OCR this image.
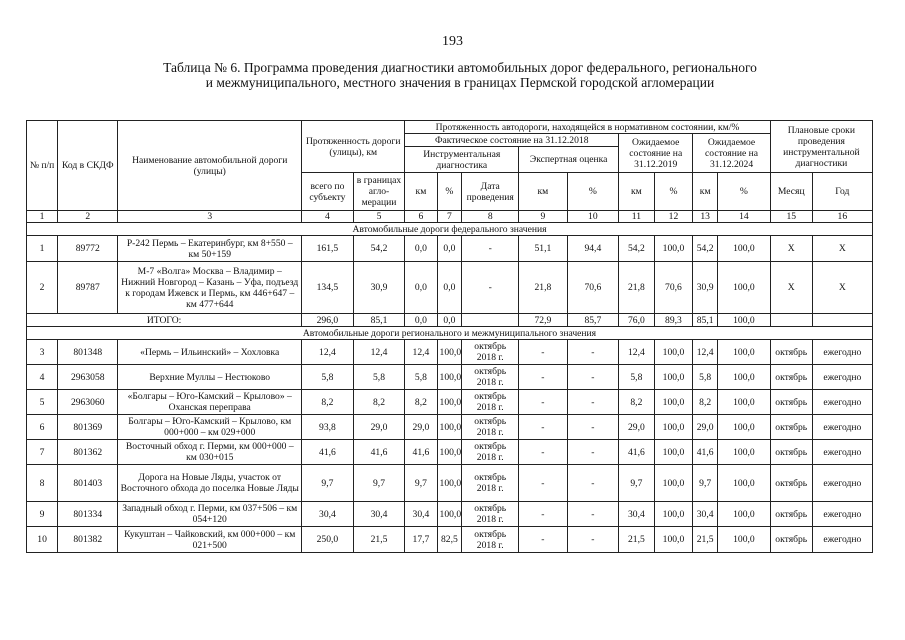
193
Таблица № 6. Программа проведения диагностики автомобильных дорог федерального, регионального
и межмуниципального, местного значения в границах Пермской городской агломерации
№ п/п	Код в СКДФ	Наименование автомобильной дороги (улицы)	Протяженность дороги (улицы), км		Протяженность автодороги, находящейся в нормативном состоянии, км/%									Плановые сроки проведения инструментальной диагностики	
					Фактическое состояние на 31.12.2018					Ожидаемое состояние на 31.12.2019		Ожидаемое состояние на 31.12.2024			
					Инструментальная диагностика			Экспертная оценка							
			всего по субъекту	в границах агло-мерации	км	%	Дата проведения	км	%	км	%	км	%	Месяц	Год
1	2	3	4	5	6	7	8	9	10	11	12	13	14	15	16
Автомобильные дороги федерального значения															
1	89772	Р-242 Пермь – Екатеринбург, км 8+550 – км 50+159	161,5	54,2	0,0	0,0	-	51,1	94,4	54,2	100,0	54,2	100,0	Х	Х
2	89787	М-7 «Волга» Москва – Владимир – Нижний Новгород – Казань – Уфа, подъезд к городам Ижевск и Пермь, км 446+647 – км 477+644	134,5	30,9	0,0	0,0	-	21,8	70,6	21,8	70,6	30,9	100,0	Х	Х
ИТОГО:			296,0	85,1	0,0	0,0		72,9	85,7	76,0	89,3	85,1	100,0		
Автомобильные дороги регионального и межмуниципального значения															
3	801348	«Пермь – Ильинский» – Хохловка	12,4	12,4	12,4	100,0	октябрь 2018 г.	-	-	12,4	100,0	12,4	100,0	октябрь	ежегодно
4	2963058	Верхние Муллы – Нестюково	5,8	5,8	5,8	100,0	октябрь 2018 г.	-	-	5,8	100,0	5,8	100,0	октябрь	ежегодно
5	2963060	«Болгары – Юго-Камский – Крылово» – Оханская переправа	8,2	8,2	8,2	100,0	октябрь 2018 г.	-	-	8,2	100,0	8,2	100,0	октябрь	ежегодно
6	801369	Болгары – Юго-Камский – Крылово, км 000+000 – км 029+000	93,8	29,0	29,0	100,0	октябрь 2018 г.	-	-	29,0	100,0	29,0	100,0	октябрь	ежегодно
7	801362	Восточный обход г. Перми, км 000+000 – км 030+015	41,6	41,6	41,6	100,0	октябрь 2018 г.	-	-	41,6	100,0	41,6	100,0	октябрь	ежегодно
8	801403	Дорога на Новые Ляды, участок от Восточного обхода до поселка Новые Ляды	9,7	9,7	9,7	100,0	октябрь 2018 г.	-	-	9,7	100,0	9,7	100,0	октябрь	ежегодно
9	801334	Западный обход г. Перми, км 037+506 – км 054+120	30,4	30,4	30,4	100,0	октябрь 2018 г.	-	-	30,4	100,0	30,4	100,0	октябрь	ежегодно
10	801382	Кукуштан – Чайковский, км 000+000 – км 021+500	250,0	21,5	17,7	82,5	октябрь 2018 г.	-	-	21,5	100,0	21,5	100,0	октябрь	ежегодно
